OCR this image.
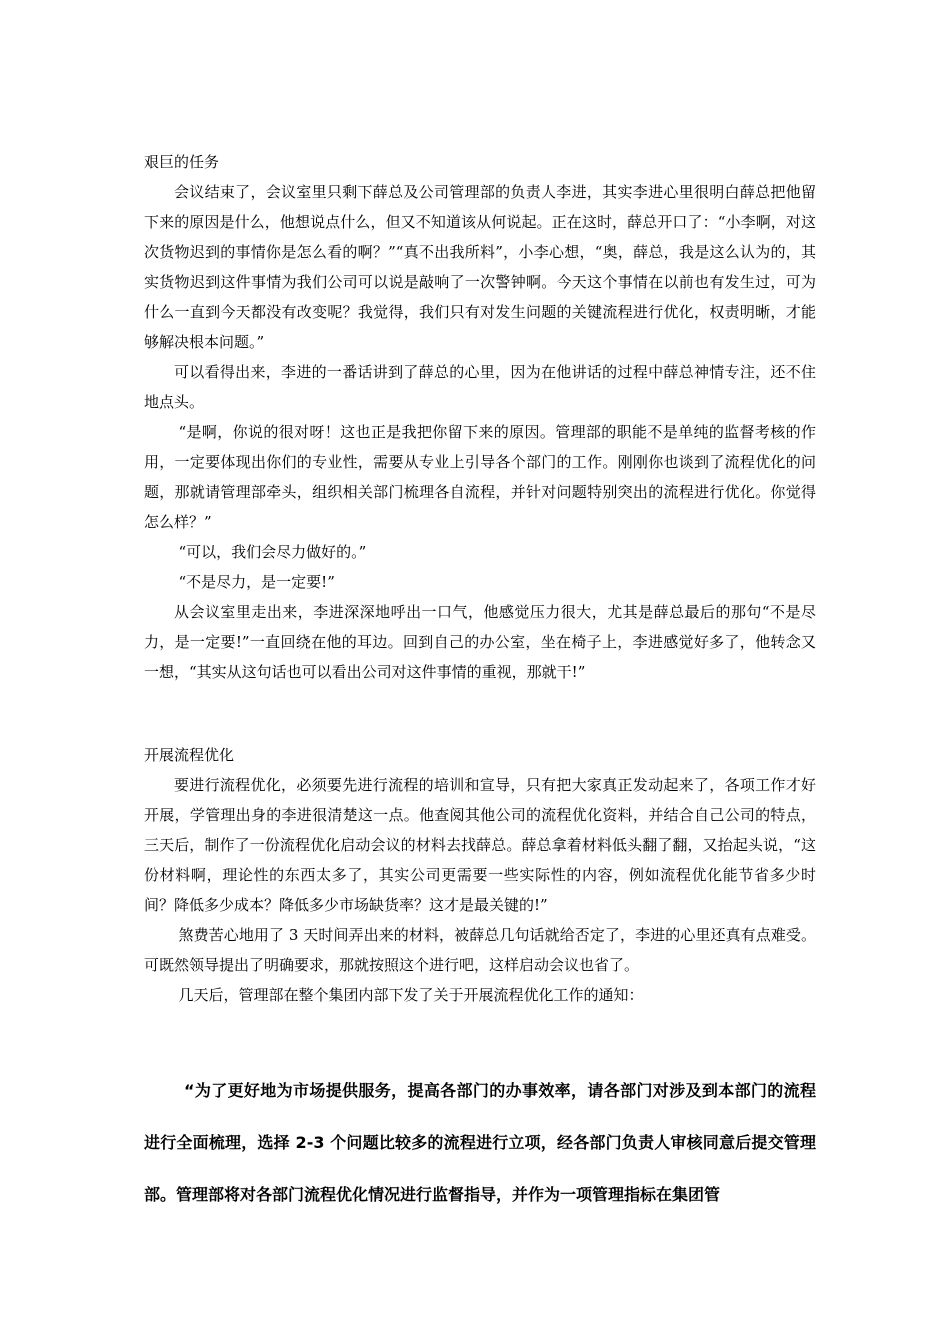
艰巨的任务

会议结束了，会议室里只剩下薛总及公司管理部的负责人李进，其实李进心里很明白薛总把他留下来的原因是什么，他想说点什么，但又不知道该从何说起。正在这时，薛总开口了：“小李啊，对这次货物迟到的事情你是怎么看的啊？”“真不出我所料”，小李心想，“奥，薛总，我是这么认为的，其实货物迟到这件事情为我们公司可以说是敲响了一次警钟啊。今天这个事情在以前也有发生过，可为什么一直到今天都没有改变呢？我觉得，我们只有对发生问题的关键流程进行优化，权责明晰，才能够解决根本问题。”

可以看得出来，李进的一番话讲到了薛总的心里，因为在他讲话的过程中薛总神情专注，还不住地点头。

“是啊，你说的很对呀！这也正是我把你留下来的原因。管理部的职能不是单纯的监督考核的作用，一定要体现出你们的专业性，需要从专业上引导各个部门的工作。刚刚你也谈到了流程优化的问题，那就请管理部牵头，组织相关部门梳理各自流程，并针对问题特别突出的流程进行优化。你觉得怎么样？”

“可以，我们会尽力做好的。”

“不是尽力，是一定要!”

从会议室里走出来，李进深深地呼出一口气，他感觉压力很大，尤其是薛总最后的那句“不是尽力，是一定要!”一直回绕在他的耳边。回到自己的办公室，坐在椅子上，李进感觉好多了，他转念又一想，“其实从这句话也可以看出公司对这件事情的重视，那就干!”

开展流程优化

要进行流程优化，必须要先进行流程的培训和宣导，只有把大家真正发动起来了，各项工作才好开展，学管理出身的李进很清楚这一点。他查阅其他公司的流程优化资料，并结合自己公司的特点，三天后，制作了一份流程优化启动会议的材料去找薛总。薛总拿着材料低头翻了翻，又抬起头说，“这份材料啊，理论性的东西太多了，其实公司更需要一些实际性的内容，例如流程优化能节省多少时间？降低多少成本？降低多少市场缺货率？这才是最关键的!”

煞费苦心地用了 3 天时间弄出来的材料，被薛总几句话就给否定了，李进的心里还真有点难受。可既然领导提出了明确要求，那就按照这个进行吧，这样启动会议也省了。

几天后，管理部在整个集团内部下发了关于开展流程优化工作的通知：

“为了更好地为市场提供服务，提高各部门的办事效率，请各部门对涉及到本部门的流程进行全面梳理，选择 2-3 个问题比较多的流程进行立项，经各部门负责人审核同意后提交管理部。管理部将对各部门流程优化情况进行监督指导，并作为一项管理指标在集团管
